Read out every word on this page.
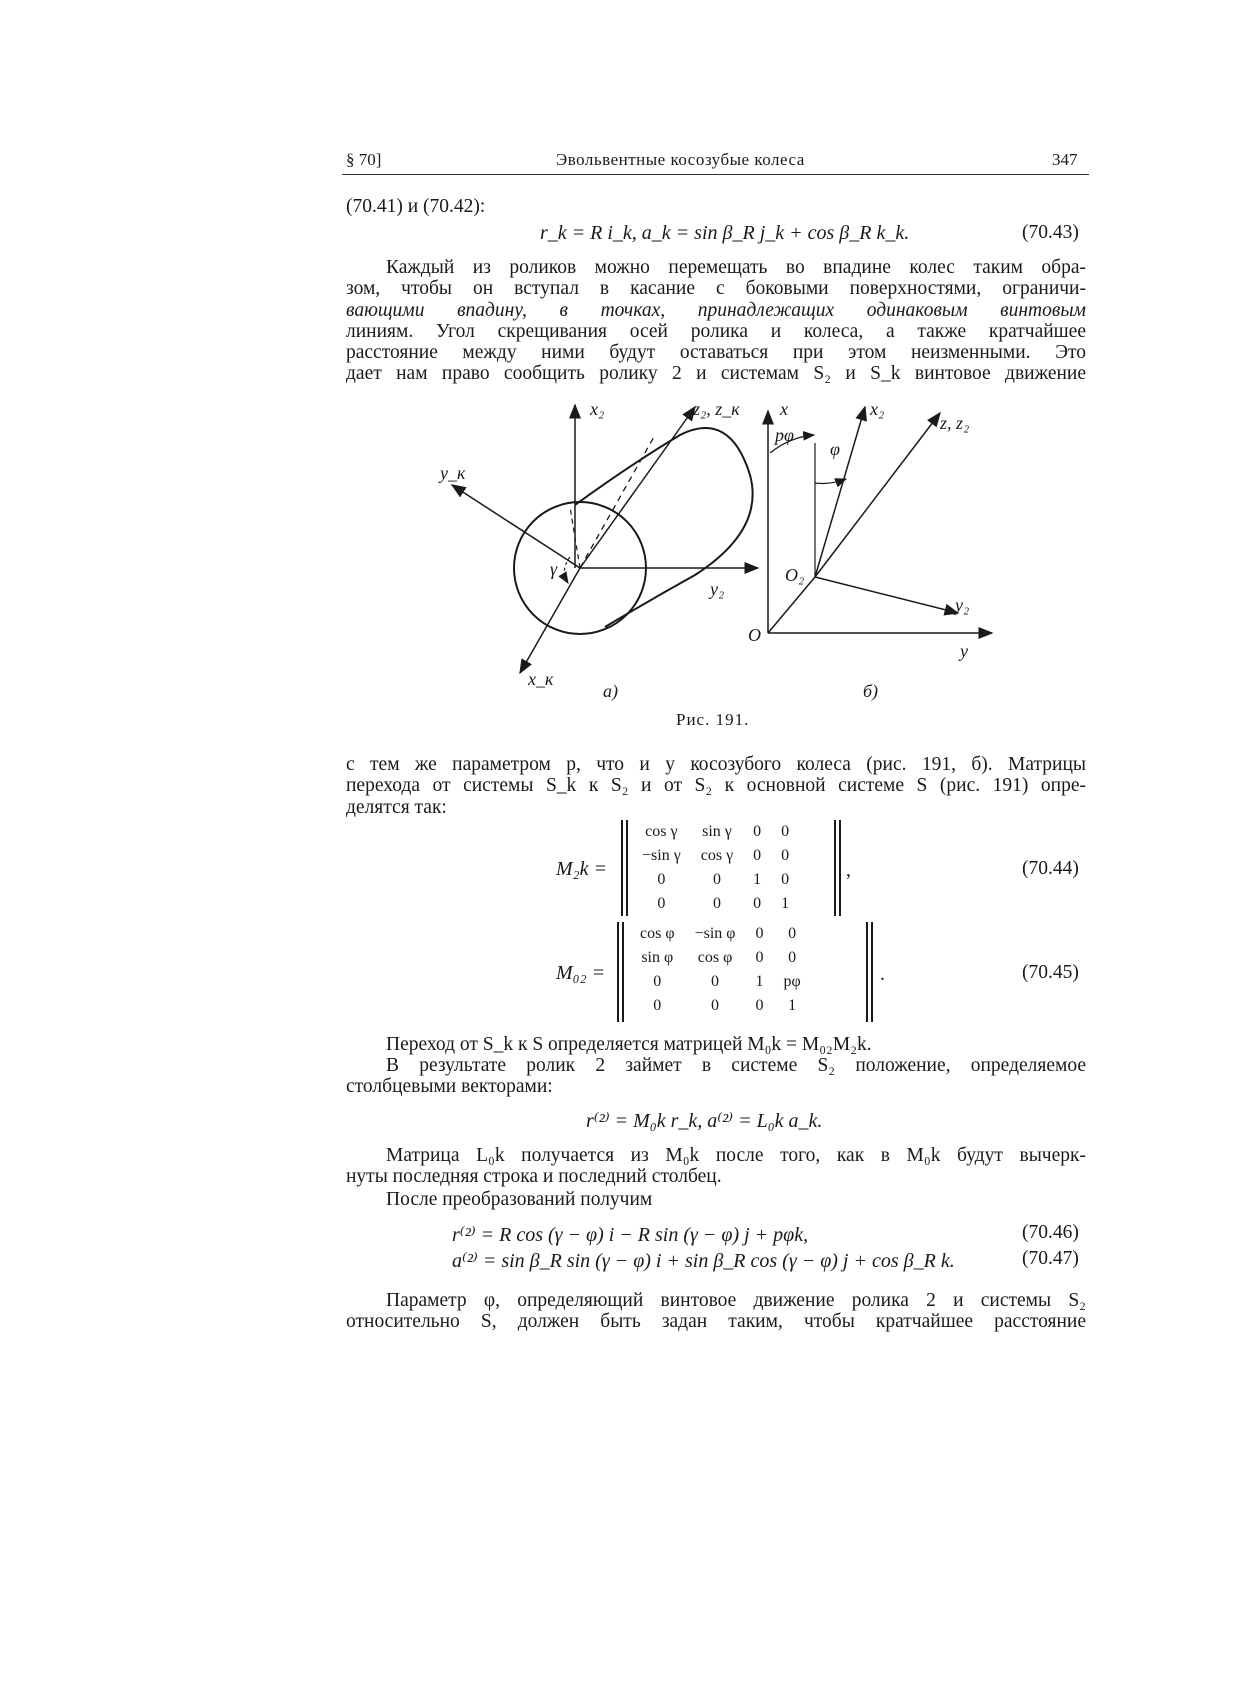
§ 70]	Эвольвентные косозубые колеса	347
(70.41) и (70.42):
r_k = R i_k, a_k = sin β_R j_k + cos β_R k_k.	(70.43)
Каждый из роликов можно перемещать во впадине колес таким обра-
зом, чтобы он вступал в касание с боковыми поверхностями, ограничи-
вающими впадину, в точках, принадлежащих одинаковым винтовым
линиям. Угол скрещивания осей ролика и колеса, а также кратчайшее
расстояние между ними будут оставаться при этом неизменными. Это
дает нам право сообщить ролику 2 и системам S₂ и S_k винтовое движение
x₂	z₂, z_к
y_к
y₂
x_к
γ
а)
x	x₂
pφ
φ
z, z₂
O₂
y₂
O
y
б)
Рис. 191.
с тем же параметром p, что и у косозубого колеса (рис. 191, б). Матрицы
перехода от системы S_k к S₂ и от S₂ к основной системе S (рис. 191) опре-
делятся так:
M₂k =
cos γ	sin γ	0	0
−sin γ	cos γ	0	0
0	0	1	0
0	0	0	1
,	(70.44)
M₀₂ =
cos φ	−sin φ	0	0
sin φ	cos φ	0	0
0	0	1	pφ
0	0	0	1
.	(70.45)
Переход от S_k к S определяется матрицей M₀k = M₀₂M₂k.
В результате ролик 2 займет в системе S₂ положение, определяемое
столбцевыми векторами:
r⁽²⁾ = M₀k r_k, a⁽²⁾ = L₀k a_k.
Матрица L₀k получается из M₀k после того, как в M₀k будут вычерк-
нуты последняя строка и последний столбец.
После преобразований получим
r⁽²⁾ = R cos (γ − φ) i − R sin (γ − φ) j + pφk,	(70.46)
a⁽²⁾ = sin β_R sin (γ − φ) i + sin β_R cos (γ − φ) j + cos β_R k.	(70.47)
Параметр φ, определяющий винтовое движение ролика 2 и системы S₂
относительно S, должен быть задан таким, чтобы кратчайшее расстояние
